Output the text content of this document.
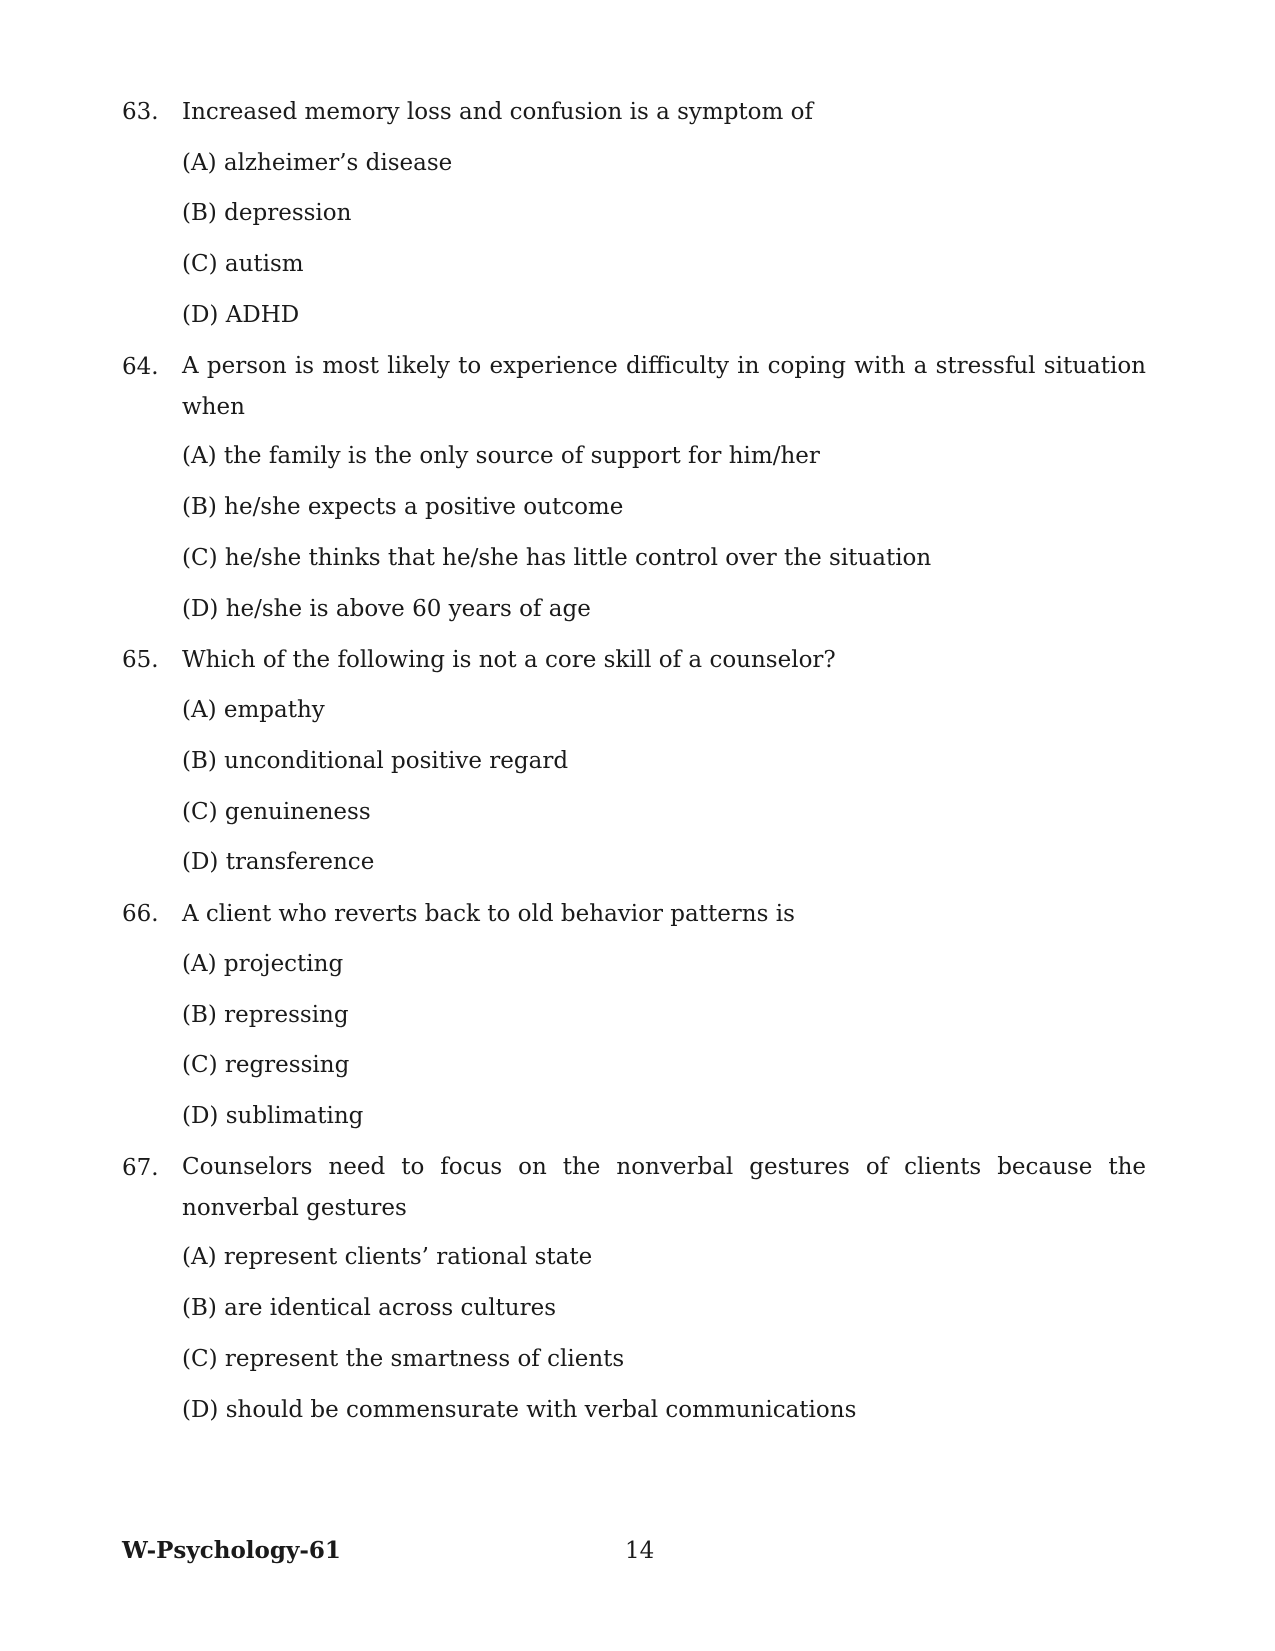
63. Increased memory loss and confusion is a symptom of
(A) alzheimer’s disease
(B) depression
(C) autism
(D) ADHD
64. A person is most likely to experience difficulty in coping with a stressful situation when
(A) the family is the only source of support for him/her
(B) he/she expects a positive outcome
(C) he/she thinks that he/she has little control over the situation
(D) he/she is above 60 years of age
65. Which of the following is not a core skill of a counselor?
(A) empathy
(B) unconditional positive regard
(C) genuineness
(D) transference
66. A client who reverts back to old behavior patterns is
(A) projecting
(B) repressing
(C) regressing
(D) sublimating
67. Counselors need to focus on the nonverbal gestures of clients because the nonverbal gestures
(A) represent clients’ rational state
(B) are identical across cultures
(C) represent the smartness of clients
(D) should be commensurate with verbal communications
W-Psychology-61	14
